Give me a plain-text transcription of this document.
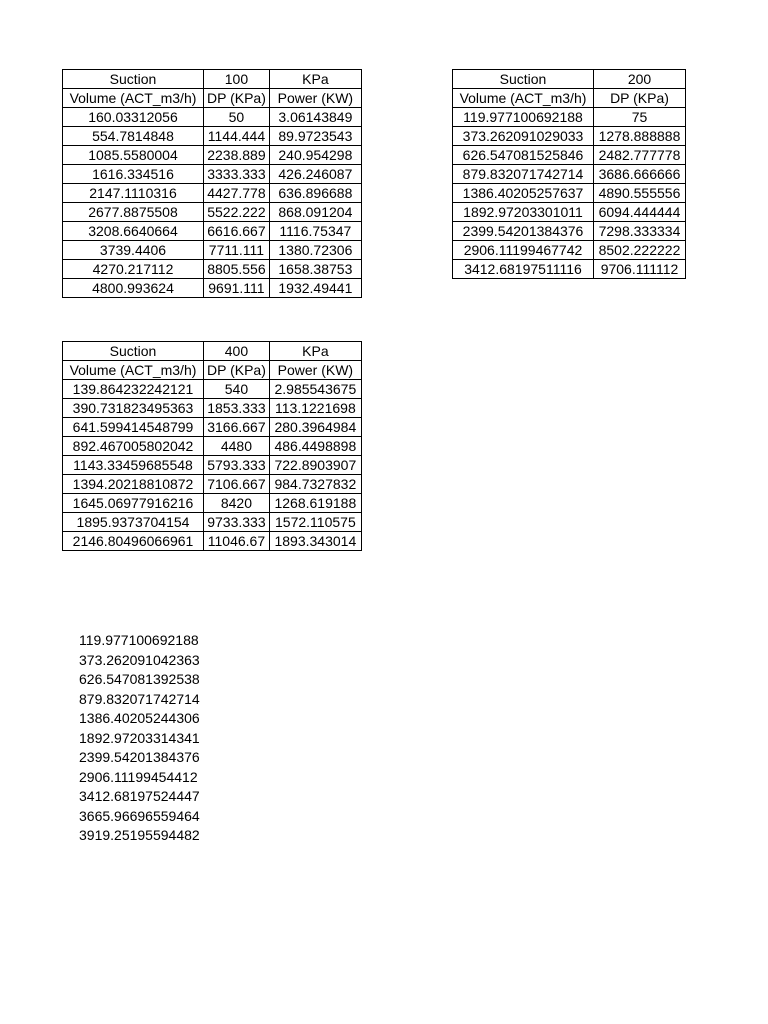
Suction	100	KPa
Volume (ACT_m3/h)	DP (KPa)	Power (KW)
160.03312056	50	3.06143849
554.7814848	1144.444	89.9723543
1085.5580004	2238.889	240.954298
1616.334516	3333.333	426.246087
2147.1110316	4427.778	636.896688
2677.8875508	5522.222	868.091204
3208.6640664	6616.667	1116.75347
3739.4406	7711.111	1380.72306
4270.217112	8805.556	1658.38753
4800.993624	9691.111	1932.49441
Suction	200
Volume (ACT_m3/h)	DP (KPa)
119.977100692188	75
373.262091029033	1278.888888
626.547081525846	2482.777778
879.832071742714	3686.666666
1386.40205257637	4890.555556
1892.97203301011	6094.444444
2399.54201384376	7298.333334
2906.11199467742	8502.222222
3412.68197511116	9706.111112
Suction	400	KPa
Volume (ACT_m3/h)	DP (KPa)	Power (KW)
139.864232242121	540	2.985543675
390.731823495363	1853.333	113.1221698
641.599414548799	3166.667	280.3964984
892.467005802042	4480	486.4498898
1143.33459685548	5793.333	722.8903907
1394.20218810872	7106.667	984.7327832
1645.06977916216	8420	1268.619188
1895.9373704154	9733.333	1572.110575
2146.80496066961	11046.67	1893.343014
119.977100692188
373.262091042363
626.547081392538
879.832071742714
1386.40205244306
1892.97203314341
2399.54201384376
2906.11199454412
3412.68197524447
3665.96696559464
3919.25195594482
